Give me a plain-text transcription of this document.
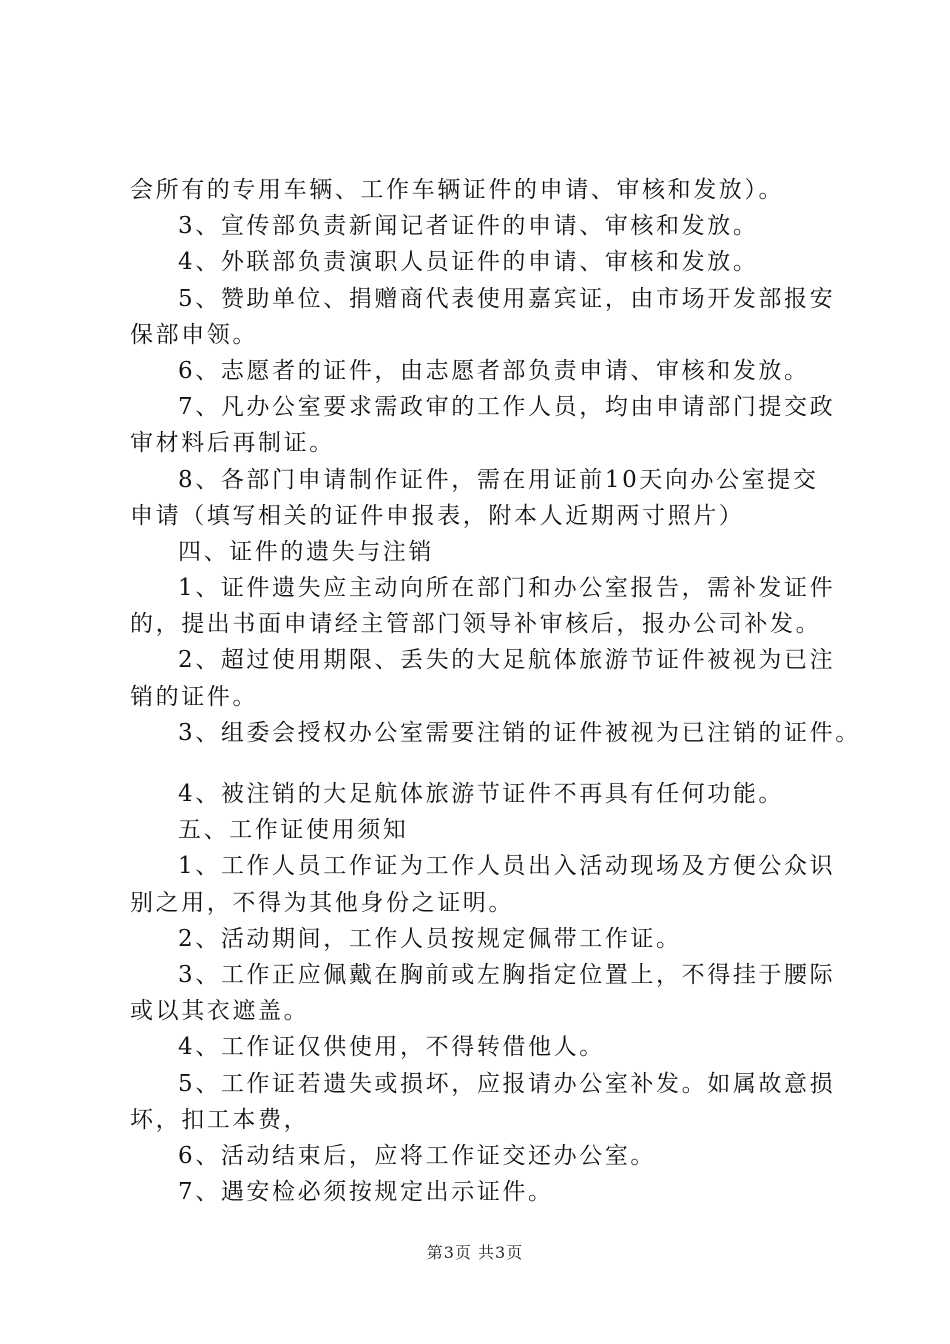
会所有的专用车辆、工作车辆证件的申请、审核和发放）。
3、宣传部负责新闻记者证件的申请、审核和发放。
4、外联部负责演职人员证件的申请、审核和发放。
5、赞助单位、捐赠商代表使用嘉宾证，由市场开发部报安
保部申领。
6、志愿者的证件，由志愿者部负责申请、审核和发放。
7、凡办公室要求需政审的工作人员，均由申请部门提交政
审材料后再制证。
8、各部门申请制作证件，需在用证前10天向办公室提交
申请（填写相关的证件申报表，附本人近期两寸照片）
四、证件的遗失与注销
1、证件遗失应主动向所在部门和办公室报告，需补发证件
的，提出书面申请经主管部门领导补审核后，报办公司补发。
2、超过使用期限、丢失的大足航体旅游节证件被视为已注
销的证件。
3、组委会授权办公室需要注销的证件被视为已注销的证件。
4、被注销的大足航体旅游节证件不再具有任何功能。
五、工作证使用须知
1、工作人员工作证为工作人员出入活动现场及方便公众识
别之用，不得为其他身份之证明。
2、活动期间，工作人员按规定佩带工作证。
3、工作正应佩戴在胸前或左胸指定位置上，不得挂于腰际
或以其衣遮盖。
4、工作证仅供使用，不得转借他人。
5、工作证若遗失或损坏，应报请办公室补发。如属故意损
坏，扣工本费，
6、活动结束后，应将工作证交还办公室。
7、遇安检必须按规定出示证件。
第3页 共3页
